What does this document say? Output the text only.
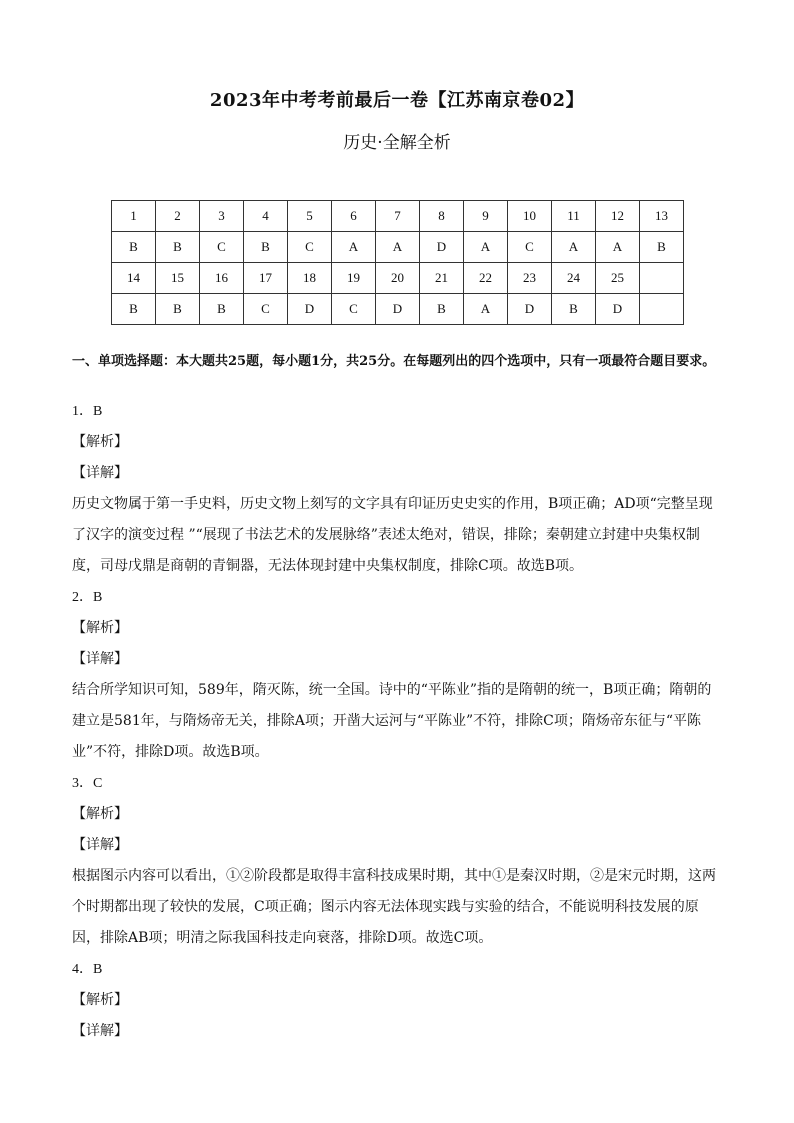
2023年中考考前最后一卷【江苏南京卷02】
历史·全解全析
1	2	3	4	5	6	7	8	9	10	11	12	13
B	B	C	B	C	A	A	D	A	C	A	A	B
14	15	16	17	18	19	20	21	22	23	24	25	
B	B	B	C	D	C	D	B	A	D	B	D	
一、单项选择题：本大题共25题，每小题1分，共25分。在每题列出的四个选项中，只有一项最符合题目要求。

1．B

【解析】

【详解】

历史文物属于第一手史料，历史文物上刻写的文字具有印证历史史实的作用，B项正确；AD项“完整呈现了汉字的演变过程 ”“展现了书法艺术的发展脉络”表述太绝对，错误，排除；秦朝建立封建中央集权制度，司母戊鼎是商朝的青铜器，无法体现封建中央集权制度，排除C项。故选B项。

2．B

【解析】

【详解】

结合所学知识可知，589年，隋灭陈，统一全国。诗中的“平陈业”指的是隋朝的统一，B项正确；隋朝的建立是581年，与隋炀帝无关，排除A项；开凿大运河与“平陈业”不符，排除C项；隋炀帝东征与“平陈业”不符，排除D项。故选B项。

3．C

【解析】

【详解】

根据图示内容可以看出，①②阶段都是取得丰富科技成果时期，其中①是秦汉时期，②是宋元时期，这两个时期都出现了较快的发展，C项正确；图示内容无法体现实践与实验的结合，不能说明科技发展的原因，排除AB项；明清之际我国科技走向衰落，排除D项。故选C项。

4．B

【解析】

【详解】
